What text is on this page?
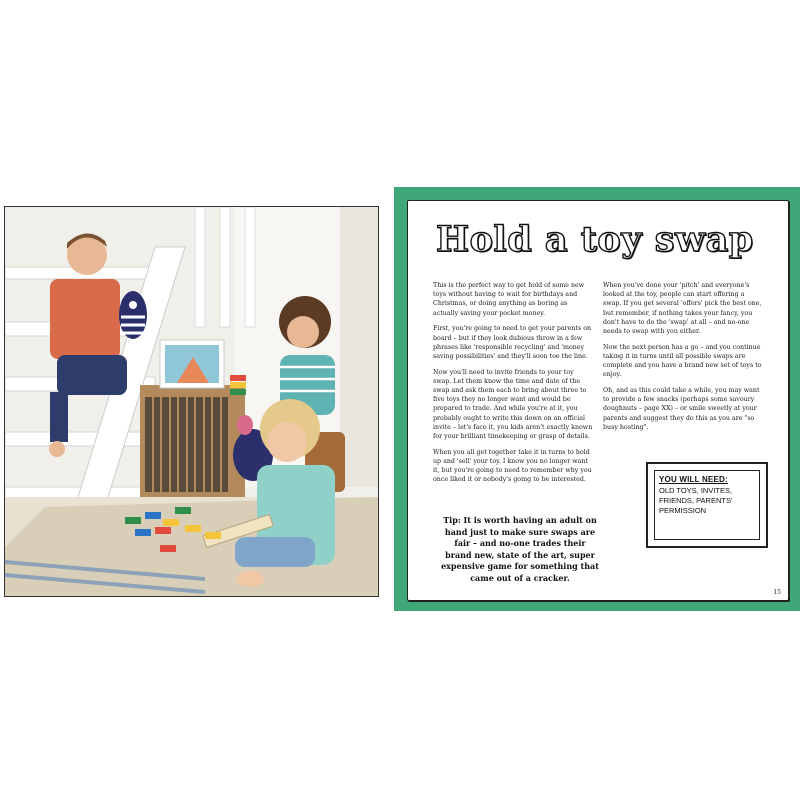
Hold a toy swap

This is the perfect way to get hold of some new toys without having to wait for birthdays and Christmas, or doing anything as boring as actually saving your pocket money.

First, you're going to need to get your parents on board – but if they look dubious throw in a few phrases like 'responsible recycling' and 'money saving possibilities' and they'll soon toe the line.

Now you'll need to invite friends to your toy swap. Let them know the time and date of the swap and ask them each to bring about three to five toys they no longer want and would be prepared to trade. And while you're at it, you probably ought to write this down on an official invite – let's face it, you kids aren't exactly known for your brilliant timekeeping or grasp of details.

When you all get together take it in turns to hold up and 'sell' your toy. I know you no longer want it, but you're going to need to remember why you once liked it or nobody's going to be interested.

When you've done your 'pitch' and everyone's looked at the toy, people can start offering a swap. If you get several 'offers' pick the best one, but remember, if nothing takes your fancy, you don't have to do the 'swap' at all – and no-one needs to swap with you either.

Now the next person has a go – and you continue taking it in turns until all possible swaps are complete and you have a brand new set of toys to enjoy.

Oh, and as this could take a while, you may want to provide a few snacks (perhaps some savoury doughnuts – page XX) – or smile sweetly at your parents and suggest they do this as you are "so busy hosting".

Tip: It is worth having an adult on hand just to make sure swaps are fair – and no-one trades their brand new, state of the art, super expensive game for something that came out of a cracker.
YOU WILL NEED:
OLD TOYS, INVITES, FRIENDS, PARENTS' PERMISSION
15
